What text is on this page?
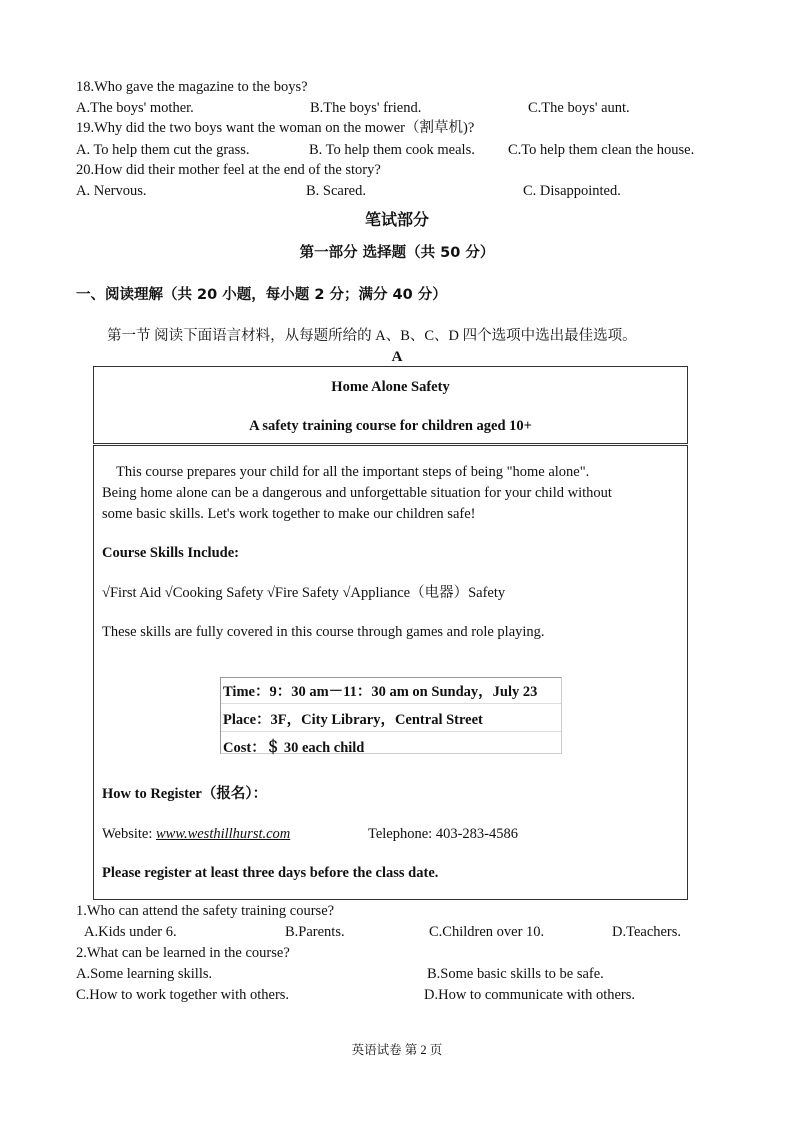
18.Who gave the magazine to the boys?
A.The boys' mother.	B.The boys' friend.	C.The boys' aunt.
19.Why did the two boys want the woman on the mower（割草机)?
A. To help them cut the grass.	B. To help them cook meals. C.To help them clean the house.
20.How did their mother feel at the end of the story?
A. Nervous.	B. Scared.	C. Disappointed.
笔试部分
第一部分 选择题（共 50 分）
一、阅读理解（共 20 小题，每小题 2 分；满分 40 分）
第一节 阅读下面语言材料，从每题所给的 A、B、C、D 四个选项中选出最佳选项。
A
Home Alone Safety
A safety training course for children aged 10+
This course prepares your child for all the important steps of being "home alone".
Being home alone can be a dangerous and unforgettable situation for your child without
some basic skills. Let's work together to make our children safe!
Course Skills Include:
√First Aid √Cooking Safety √Fire Safety √Appliance（电器）Safety
These skills are fully covered in this course through games and role playing.
Time：9：30 am－11：30 am on Sunday，July 23
Place：3F，City Library，Central Street
Cost：＄ 30 each child
How to Register（报名）：
Website: www.westhillhurst.com	Telephone: 403-283-4586
Please register at least three days before the class date.
1.Who can attend the safety training course?
A.Kids under 6.	B.Parents.	C.Children over 10.	D.Teachers.
2.What can be learned in the course?
A.Some learning skills.	B.Some basic skills to be safe.
C.How to work together with others.	D.How to communicate with others.
英语试卷 第 2 页
